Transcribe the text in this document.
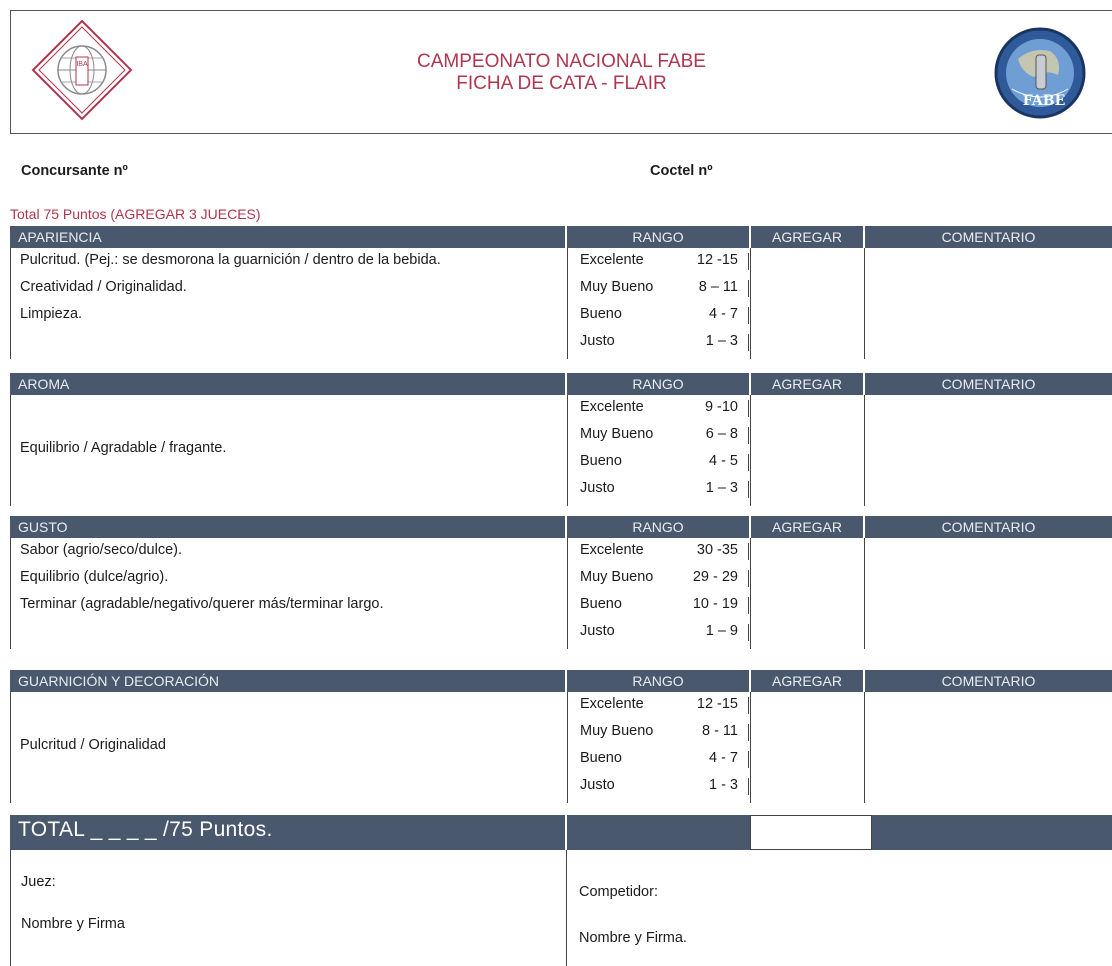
IBA	CAMPEONATO NACIONAL FABE
FICHA DE CATA - FLAIR
FABE
Concursante nº	Coctel nº
Total 75 Puntos (AGREGAR 3 JUECES)
APARIENCIA	RANGO	AGREGAR	COMENTARIO
Pulcritud. (Pej.: se desmorona la guarnición / dentro de la bebida.
Creatividad / Originalidad.
Limpieza.
Excelente	12 -15
Muy Bueno	8 – 11
Bueno	4 - 7
Justo	1 – 3
AROMA	RANGO	AGREGAR	COMENTARIO
Equilibrio / Agradable / fragante.
Excelente	9 -10
Muy Bueno	6 – 8
Bueno	4 - 5
Justo	1 – 3
GUSTO	RANGO	AGREGAR	COMENTARIO
Sabor (agrio/seco/dulce).
Equilibrio (dulce/agrio).
Terminar (agradable/negativo/querer más/terminar largo.
Excelente	30 -35
Muy Bueno	29 - 29
Bueno	10 - 19
Justo	1 – 9
GUARNICIÓN Y DECORACIÓN	RANGO	AGREGAR	COMENTARIO
Pulcritud / Originalidad
Excelente	12 -15
Muy Bueno	8 - 11
Bueno	4 - 7
Justo	1 - 3
TOTAL _ _ _ _ /75 Puntos.
Juez:
Nombre y Firma
Competidor:
Nombre y Firma.
